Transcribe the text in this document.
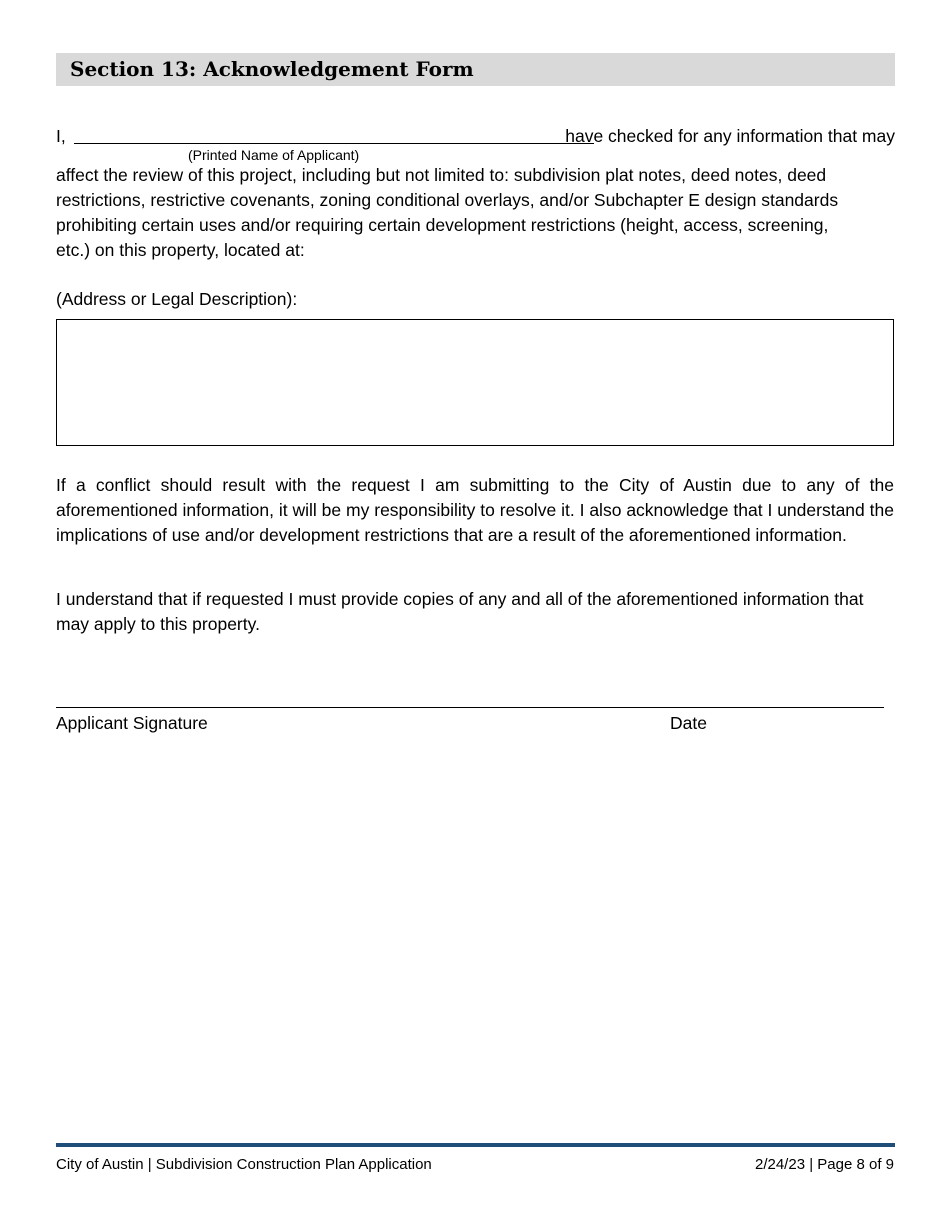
Section 13: Acknowledgement Form
I,	have checked for any information that may
(Printed Name of Applicant)
affect the review of this project, including but not limited to: subdivision plat notes, deed notes, deed
restrictions, restrictive covenants, zoning conditional overlays, and/or Subchapter E design standards
prohibiting certain uses and/or requiring certain development restrictions (height, access, screening,
etc.) on this property, located at:
(Address or Legal Description):
If a conflict should result with the request I am submitting to the City of Austin due to any of the aforementioned information, it will be my responsibility to resolve it. I also acknowledge that I understand the implications of use and/or development restrictions that are a result of the aforementioned information.
I understand that if requested I must provide copies of any and all of the aforementioned information that may apply to this property.
Applicant Signature	Date
City of Austin | Subdivision Construction Plan Application	2/24/23 | Page 8 of 9
